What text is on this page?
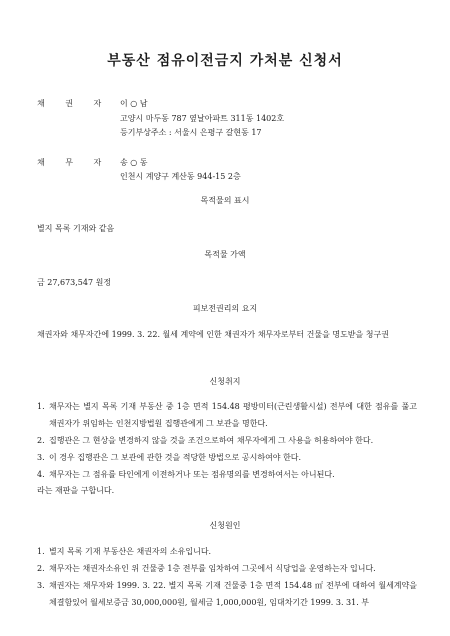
부동산 점유이전금지 가처분 신청서
채 권 자 이 ○ 남
고양시 마두동 787 옆날아파트 311동 1402호
등기부상주소 : 서울시 은평구 갈현동 17
채 무 자 송 ○ 동
인천시 계양구 계산동 944-15 2층
목적물의 표시
별지 목록 기재와 같음
목적물 가액
금 27,673,547 원정
피보전권리의 요지
채권자와 채무자간에 1999. 3. 22. 월세 계약에 인한 채권자가 채무자로부터 건물을 명도받을 청구권
신청취지
1. 채무자는 별지 목록 기재 부동산 중 1층 면적 154.48 평방미터(근린생활시설) 전부에 대한 점유를 풀고 채권자가 위임하는 인천지방법원 집행관에게 그 보관을 명한다.
2. 집행관은 그 현상을 변경하지 않을 것을 조건으로하여 채무자에게 그 사용을 허용하여야 한다.
3. 이 경우 집행관은 그 보관에 관한 것을 적당한 방법으로 공시하여야 한다.
4. 채무자는 그 점유를 타인에게 이전하거나 또는 점유명의를 변경하여서는 아니된다.
라는 재판을 구합니다.
신청원인
1. 별지 목록 기재 부동산은 채권자의 소유입니다.
2. 채무자는 채권자소유인 위 건물중 1층 전부를 임차하여 그곳에서 식당업을 운영하는자 입니다.
3. 채권자는 채무자와 1999. 3. 22. 별지 목록 기재 건물중 1층 면적 154.48 ㎡ 전부에 대하여 월세계약을 체결함있어 월세보증금 30,000,000원, 월세금 1,000,000원, 임대차기간 1999. 3. 31. 부
